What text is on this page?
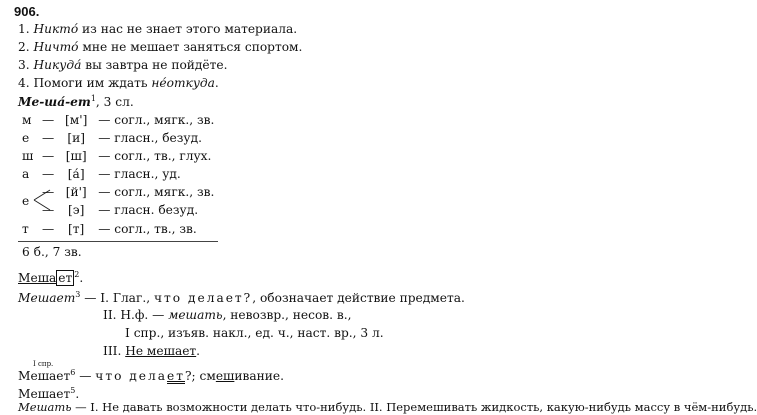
906.
1. Никто́ из нас не знает этого материала.
2. Ничто́ мне не мешает заняться спортом.
3. Никуда́ вы завтра не пойдёте.
4. Помоги им ждать не́откуда.
$Ме-ша́-ет^1$, 3 сл.
м — [м'] — согл., мягк., зв.
е — [и] — гласн., безуд.
ш — [ш] — согл., тв., глух.
а — [а́] — гласн., уд.
е
— [й'] — согл., мягк., зв.
— [э] — гласн. безуд.
т — [т] — согл., тв., зв.
6 б., 7 зв.
Меша ет $^2$.
Мешает$^3$ — I. Глаг., что делает?, обозначает действие предмета.
II. Н.ф. — мешать, невозвр., несов. в.,
I спр., изъяв. накл., ед. ч., наст. вр., 3 л.
III. Не мешает.
I спр.
Мешает$^6$ — что делает?; смешивание.
Мешает$^5$.
Мешать — I. Не давать возможности делать что-нибудь. II. Перемешивать жидкость, какую-нибудь массу в чём-нибудь.
